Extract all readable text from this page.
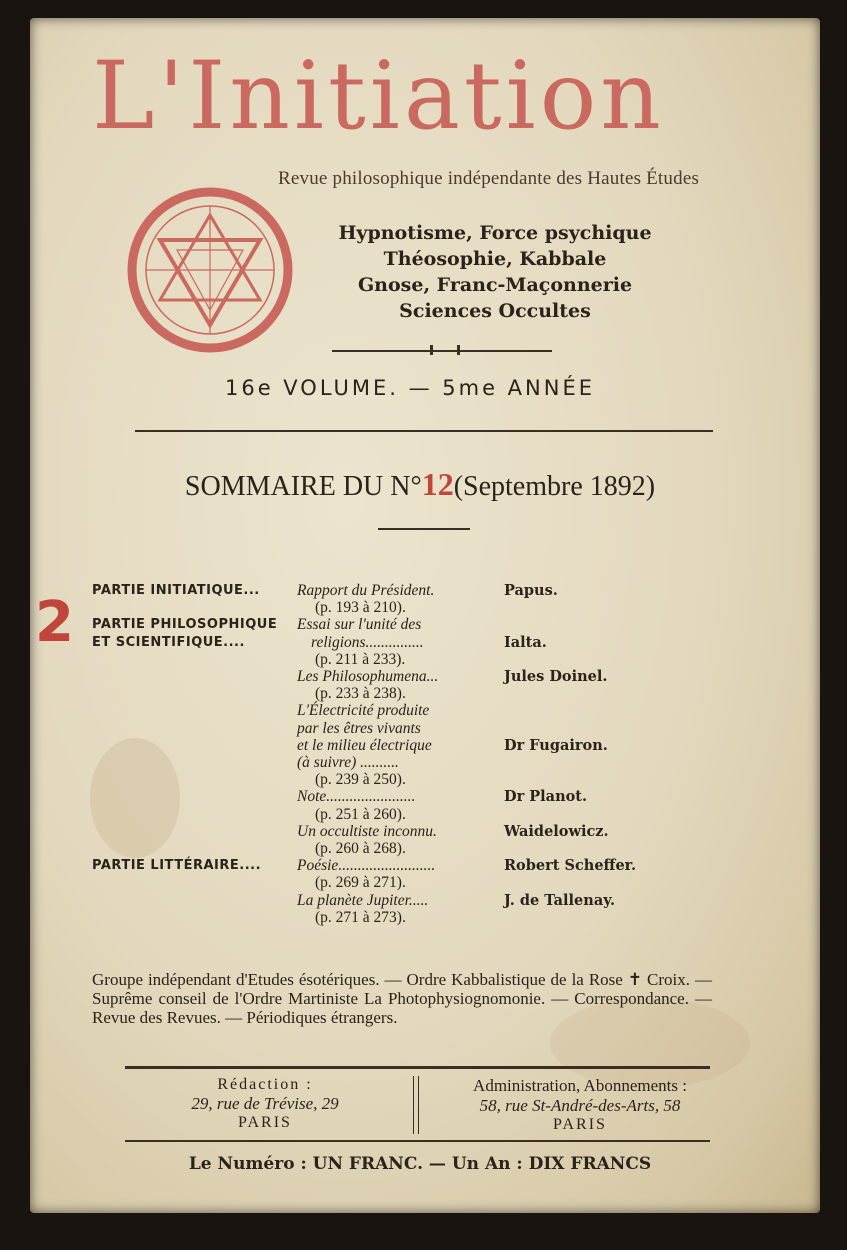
2
L'Initiation
Revue philosophique indépendante des Hautes Études
Hypnotisme, Force psychique
Théosophie, Kabbale
Gnose, Franc-Maçonnerie
Sciences Occultes
16e VOLUME. — 5me ANNÉE
SOMMAIRE DU N°12(Septembre 1892)
PARTIE INITIATIQUE...	Rapport du Président.	Papus.
(p. 193 à 210).
PARTIE PHILOSOPHIQUE	Essai sur l'unité des
ET SCIENTIFIQUE....	religions...............	Ialta.
(p. 211 à 233).
Les Philosophumena...	Jules Doinel.
(p. 233 à 238).
L'Électricité produite
par les êtres vivants
et le milieu électrique	Dr Fugairon.
(à suivre) ..........
(p. 239 à 250).
Note.......................	Dr Planot.
(p. 251 à 260).
Un occultiste inconnu.	Waidelowicz.
(p. 260 à 268).
PARTIE LITTÉRAIRE....	Poésie.........................	Robert Scheffer.
(p. 269 à 271).
La planète Jupiter.....	J. de Tallenay.
(p. 271 à 273).
Groupe indépendant d'Etudes ésotériques. — Ordre Kabbalistique de la Rose ✝ Croix. — Suprême conseil de l'Ordre Martiniste La Photophysiognomonie. — Correspondance. — Revue des Revues. — Périodiques étrangers.
Rédaction :
29, rue de Trévise, 29
PARIS
Administration, Abonnements :
58, rue St-André-des-Arts, 58
PARIS
Le Numéro : UN FRANC. — Un An : DIX FRANCS
